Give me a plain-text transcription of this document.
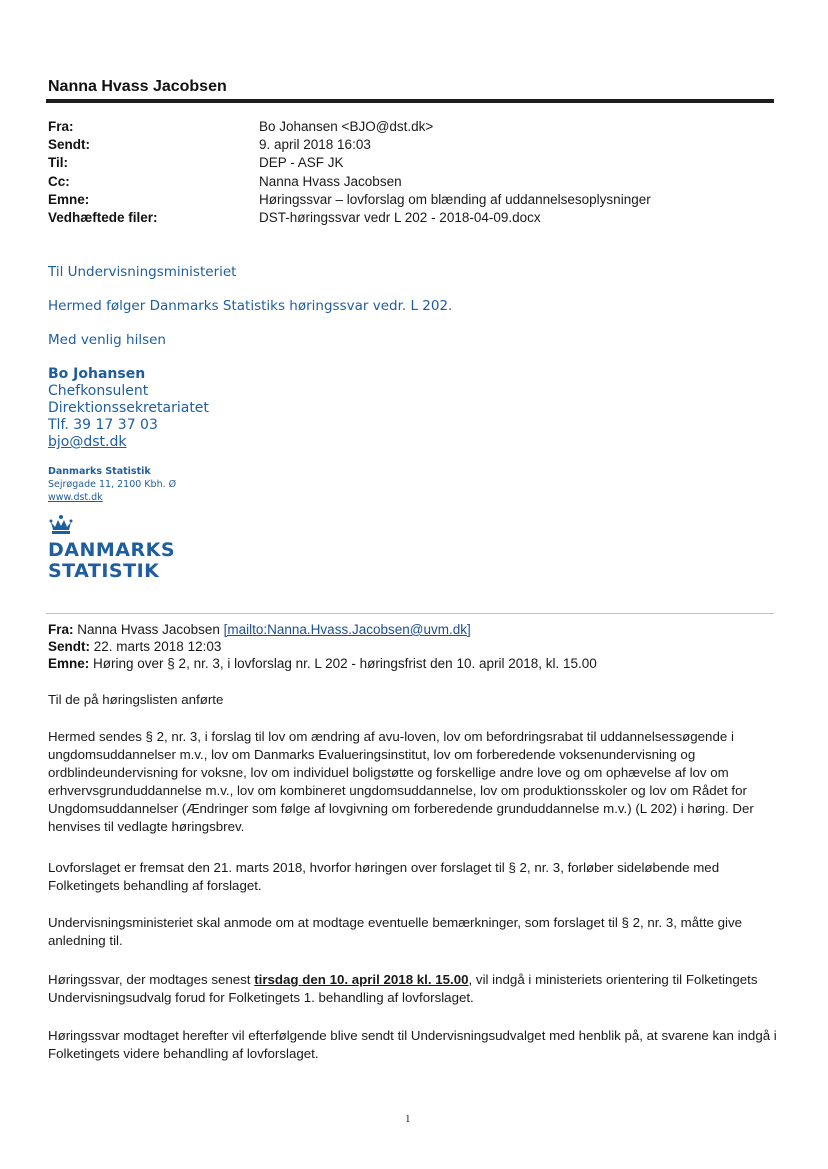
Nanna Hvass Jacobsen
Fra:	Bo Johansen <BJO@dst.dk>
Sendt:	9. april 2018 16:03
Til:	DEP - ASF JK
Cc:	Nanna Hvass Jacobsen
Emne:	Høringssvar – lovforslag om blænding af uddannelsesoplysninger
Vedhæftede filer:	DST-høringssvar vedr L 202 - 2018-04-09.docx
Til Undervisningsministeriet
Hermed følger Danmarks Statistiks høringssvar vedr. L 202.
Med venlig hilsen
Bo Johansen
Chefkonsulent
Direktionssekretariatet
Tlf. 39 17 37 03
bjo@dst.dk
Danmarks Statistik
Sejrøgade 11, 2100 Kbh. Ø
www.dst.dk
DANMARKS
STATISTIK
Fra: Nanna Hvass Jacobsen [mailto:Nanna.Hvass.Jacobsen@uvm.dk]
Sendt: 22. marts 2018 12:03
Emne: Høring over § 2, nr. 3, i lovforslag nr. L 202 - høringsfrist den 10. april 2018, kl. 15.00
Til de på høringslisten anførte
Hermed sendes § 2, nr. 3, i forslag til lov om ændring af avu-loven, lov om befordringsrabat til uddannelsessøgende i ungdomsuddannelser m.v., lov om Danmarks Evalueringsinstitut, lov om forberedende voksenundervisning og ordblindeundervisning for voksne, lov om individuel boligstøtte og forskellige andre love og om ophævelse af lov om erhvervsgrunduddannelse m.v., lov om kombineret ungdomsuddannelse, lov om produktionsskoler og lov om Rådet for Ungdomsuddannelser (Ændringer som følge af lovgivning om forberedende grunduddannelse m.v.) (L 202) i høring. Der henvises til vedlagte høringsbrev.
Lovforslaget er fremsat den 21. marts 2018, hvorfor høringen over forslaget til § 2, nr. 3, forløber sideløbende med Folketingets behandling af forslaget.
Undervisningsministeriet skal anmode om at modtage eventuelle bemærkninger, som forslaget til § 2, nr. 3, måtte give anledning til.
Høringssvar, der modtages senest tirsdag den 10. april 2018 kl. 15.00, vil indgå i ministeriets orientering til Folketingets Undervisningsudvalg forud for Folketingets 1. behandling af lovforslaget.
Høringssvar modtaget herefter vil efterfølgende blive sendt til Undervisningsudvalget med henblik på, at svarene kan indgå i Folketingets videre behandling af lovforslaget.
1
